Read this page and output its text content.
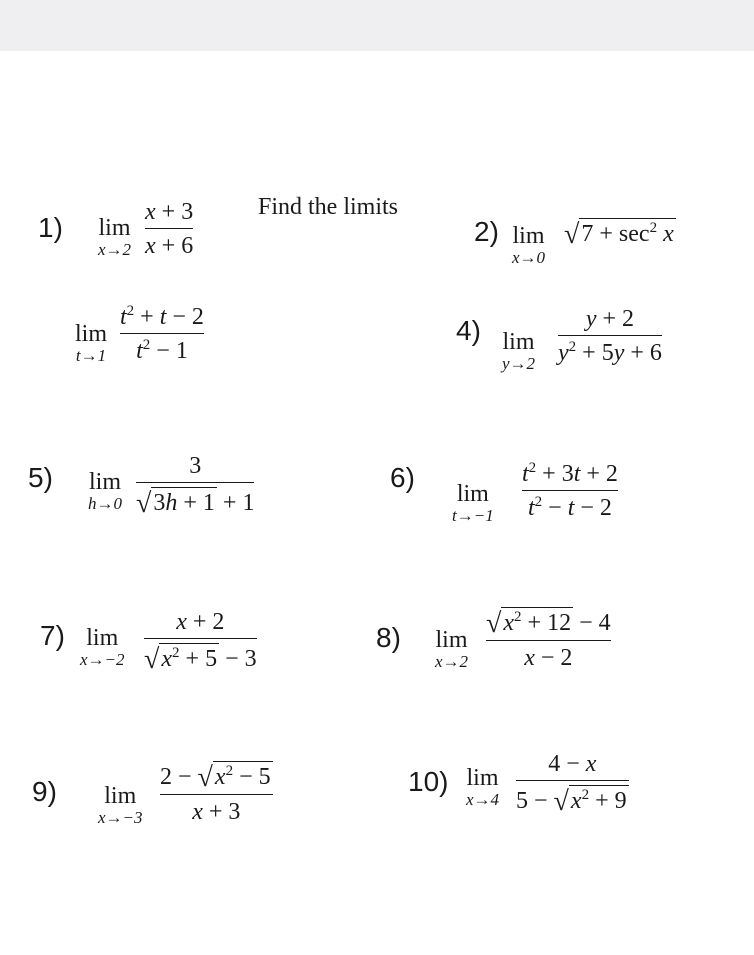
Find the limits
1) lim
x→2
x + 3
x + 6	2) lim
x→0
$√7 + \sec^2 x$
lim
t→1
$t^2 + t - 2$
$t^2 - 1$
4) lim
y→2
y + 2
$y^2 + 5y + 6$
5) lim
h→0
3
√3h + 1 + 1
6)
lim
t→−1
$t^2 + 3t + 2$
$t^2 - t - 2$
7) lim
x→−2
x + 2
$√x^2 + 5 - 3$
8) lim
x→2
$√x^2 + 12 - 4$
x − 2
9) lim
x→−3
$2 - √x^2 - 5$
x + 3
10) lim
x→4
4 − x
$5 - √x^2 + 9$
